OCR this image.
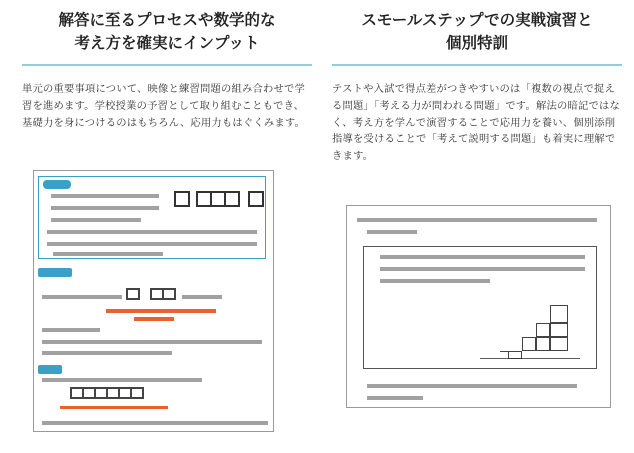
解答に至るプロセスや数学的な
考え方を確実にインプット

単元の重要事項について、映像と練習問題の組み合わせで学習を進めます。学校授業の予習として取り組むこともでき、基礎力を身につけるのはもちろん、応用力もはぐくみます。

スモールステップでの実戦演習と
個別特訓

テストや入試で得点差がつきやすいのは「複数の視点で捉える問題」「考える力が問われる問題」です。解法の暗記ではなく、考え方を学んで演習することで応用力を養い、個別添削指導を受けることで「考えて説明する問題」も着実に理解できます。
